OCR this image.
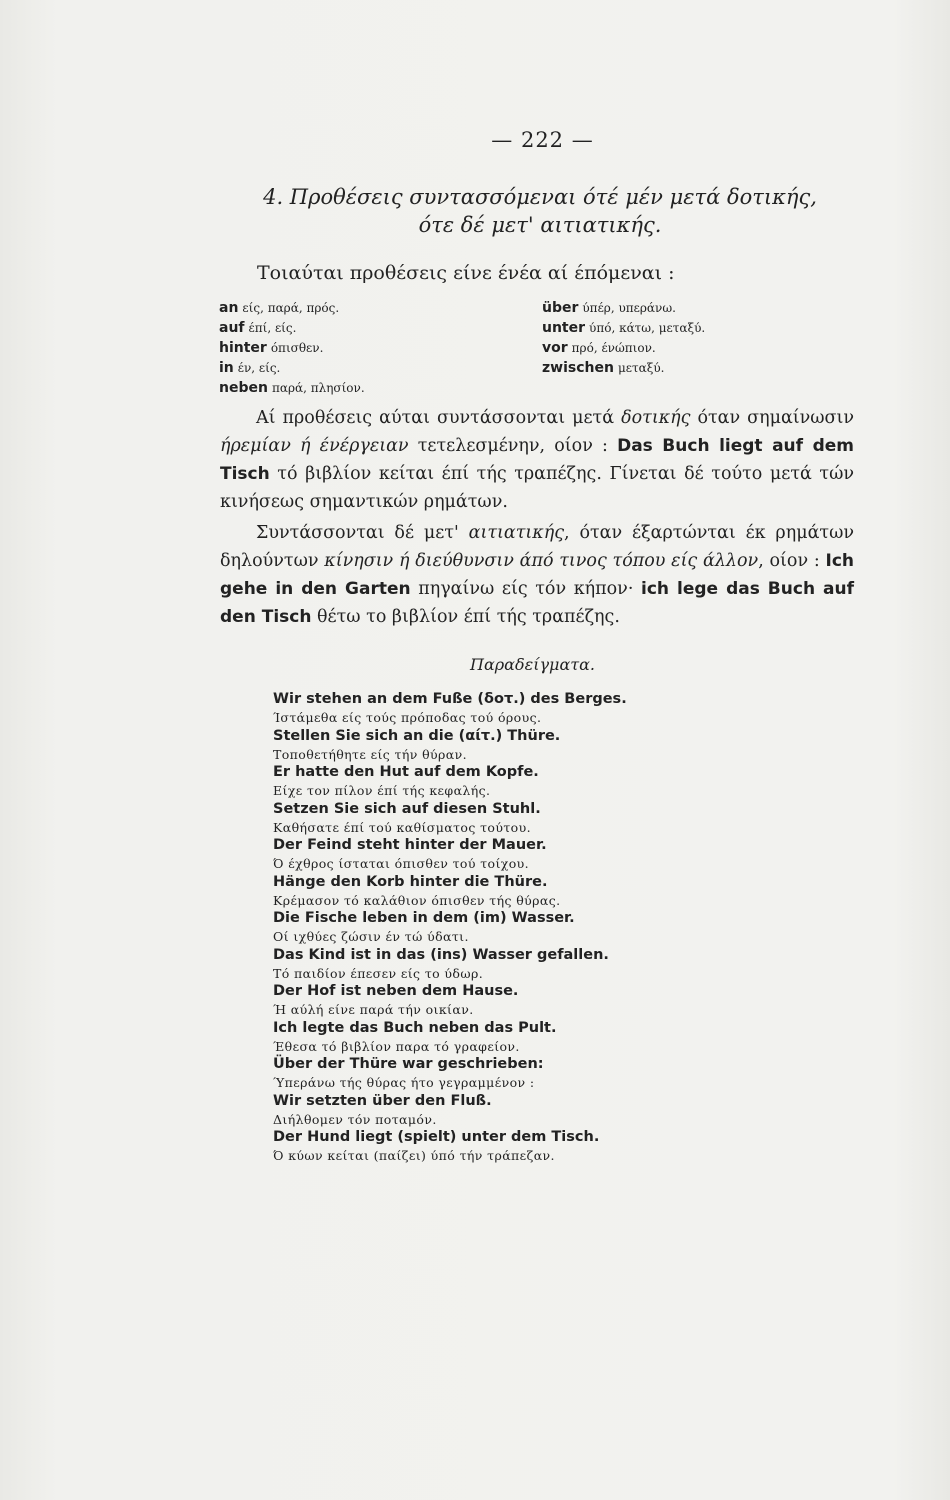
— 222 —
4. Προθέσεις συντασσόμεναι ότέ μέν μετά δοτικής,
ότε δέ μετ' αιτιατικής.
Τοιαύται προθέσεις είνε ένέα αί έπόμεναι :
an είς, παρά, πρός.
auf έπί, είς.
hinter όπισθεν.
in έν, είς.
neben παρά, πλησίον.
über ύπέρ, υπεράνω.
unter ύπό, κάτω, μεταξύ.
vor πρό, ένώπιον.
zwischen μεταξύ.
Αί προθέσεις αύται συντάσσονται μετά δοτικής όταν σημαίνωσιν ήρεμίαν ή ένέργειαν τετελεσμένην, οίον : Das Buch liegt auf dem Tisch τό βιβλίον κείται έπί τής τραπέζης. Γίνεται δέ τούτο μετά τών κινήσεως σημαντικών ρημάτων.
Συντάσσονται δέ μετ' αιτιατικής, όταν έξαρτώνται έκ ρημάτων δηλούντων κίνησιν ή διεύθυνσιν άπό τινος τόπου είς άλλον, οίον : Ich gehe in den Garten πηγαίνω είς τόν κήπον· ich lege das Buch auf den Tisch θέτω το βιβλίον έπί τής τραπέζης.
Παραδείγματα.
Wir stehen an dem Fuße (δοτ.) des Berges.
Ίστάμεθα είς τούς πρόποδας τού όρους.
Stellen Sie sich an die (αίτ.) Thüre.
Τοποθετήθητε είς τήν θύραν.
Er hatte den Hut auf dem Kopfe.
Είχε τον πίλον έπί τής κεφαλής.
Setzen Sie sich auf diesen Stuhl.
Καθήσατε έπί τού καθίσματος τούτου.
Der Feind steht hinter der Mauer.
Ό έχθρος ίσταται όπισθεν τού τοίχου.
Hänge den Korb hinter die Thüre.
Κρέμασον τό καλάθιον όπισθεν τής θύρας.
Die Fische leben in dem (im) Wasser.
Οί ιχθύες ζώσιν έν τώ ύδατι.
Das Kind ist in das (ins) Wasser gefallen.
Τό παιδίον έπεσεν είς το ύδωρ.
Der Hof ist neben dem Hause.
Ή αύλή είνε παρά τήν οικίαν.
Ich legte das Buch neben das Pult.
Έθεσα τό βιβλίον παρα τό γραφείον.
Über der Thüre war geschrieben:
Ύπεράνω τής θύρας ήτο γεγραμμένον :
Wir setzten über den Fluß.
Διήλθομεν τόν ποταμόν.
Der Hund liegt (spielt) unter dem Tisch.
Ό κύων κείται (παίζει) ύπό τήν τράπεζαν.
